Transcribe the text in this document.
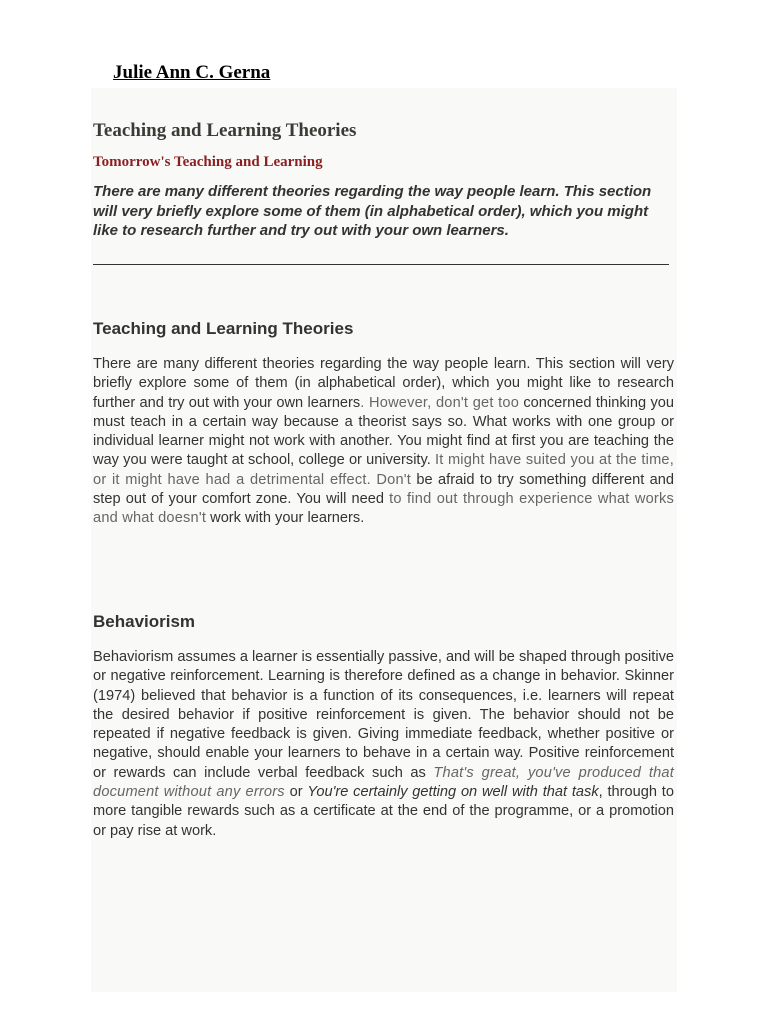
Julie Ann C. Gerna
Teaching and Learning Theories
Tomorrow's Teaching and Learning

There are many different theories regarding the way people learn. This section will very briefly explore some of them (in alphabetical order), which you might like to research further and try out with your own learners.

Teaching and Learning Theories

There are many different theories regarding the way people learn. This section will very briefly explore some of them (in alphabetical order), which you might like to research further and try out with your own learners. However, don't get too concerned thinking you must teach in a certain way because a theorist says so. What works with one group or individual learner might not work with another. You might find at first you are teaching the way you were taught at school, college or university. It might have suited you at the time, or it might have had a detrimental effect. Don't be afraid to try something different and step out of your comfort zone. You will need to find out through experience what works and what doesn't work with your learners.

Behaviorism

Behaviorism assumes a learner is essentially passive, and will be shaped through positive or negative reinforcement. Learning is therefore defined as a change in behavior. Skinner (1974) believed that behavior is a function of its consequences, i.e. learners will repeat the desired behavior if positive reinforcement is given. The behavior should not be repeated if negative feedback is given. Giving immediate feedback, whether positive or negative, should enable your learners to behave in a certain way. Positive reinforcement or rewards can include verbal feedback such as That's great, you've produced that document without any errors or You're certainly getting on well with that task, through to more tangible rewards such as a certificate at the end of the programme, or a promotion or pay rise at work.
